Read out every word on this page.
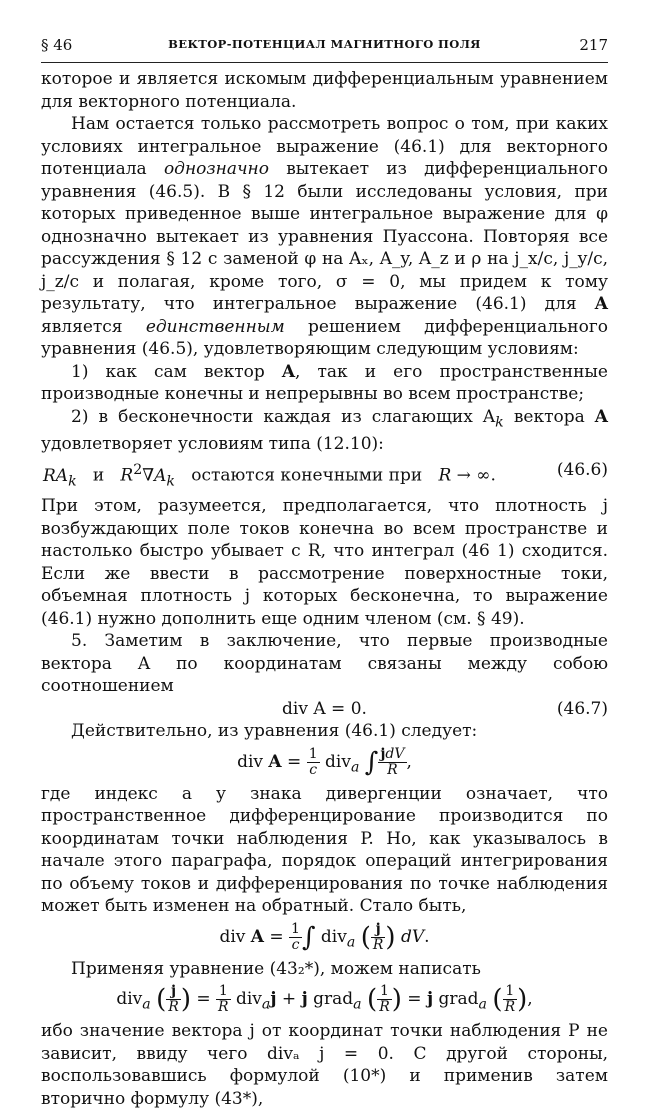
§ 46	ВЕКТОР-ПОТЕНЦИАЛ МАГНИТНОГО ПОЛЯ	217

которое и является искомым дифференциальным уравнением для векторного потенциала.

Нам остается только рассмотреть вопрос о том, при каких условиях интегральное выражение (46.1) для векторного потенциала однозначно вытекает из дифференциального уравнения (46.5). В § 12 были исследованы условия, при которых приведенное выше интегральное выражение для φ однозначно вытекает из уравнения Пуассона. Повторяя все рассуждения § 12 с заменой φ на Aₓ, A_y, A_z и ρ на j_x/c, j_y/c, j_z/c и полагая, кроме того, σ = 0, мы придем к тому результату, что интегральное выражение (46.1) для A является единственным решением дифференциального уравнения (46.5), удовлетворяющим следующим условиям:

1) как сам вектор A, так и его пространственные производные конечны и непрерывны во всем пространстве;

2) в бесконечности каждая из слагающих $A_k$ вектора A удовлетворяет условиям типа (12.10):

$RA_k$   и   $R^2\nabla A_k$ остаются конечными при R → ∞.	(46.6)

При этом, разумеется, предполагается, что плотность j возбуждающих поле токов конечна во всем пространстве и настолько быстро убывает с R, что интеграл (46 1) сходится. Если же ввести в рассмотрение поверхностные токи, объемная плотность j которых бесконечна, то выражение (46.1) нужно дополнить еще одним членом (см. § 49).

5. Заметим в заключение, что первые производные вектора A по координатам связаны между собою соотношением

div A = 0.	(46.7)

Действительно, из уравнения (46.1) следует:

div $A = \frac{1}{c} div_a$ ∫ $\frac{\text{jdV}}{R}$ ,

где индекс a у знака дивергенции означает, что пространственное дифференцирование производится по координатам точки наблюдения P. Но, как указывалось в начале этого параграфа, порядок операций интегрирования по объему токов и дифференцирования по точке наблюдения может быть изменен на обратный. Стало быть,

div $A = \frac{1}{c}$ ∫ div$_a$ ( $\frac{j}{R}$ ) dV.

Применяя уравнение (43₂*), можем написать

div$_a$ ( $\frac{j}{R}$ ) = $\frac{1}{R} div_aj + j$ grad$_a$ ( $\frac{1}{R}$ ) = j grad$_a$ ( $\frac{1}{R}$ ),

ибо значение вектора j от координат точки наблюдения P не зависит, ввиду чего divₐ j = 0. С другой стороны, воспользовавшись формулой (10*) и применив затем вторично формулу (43*),
